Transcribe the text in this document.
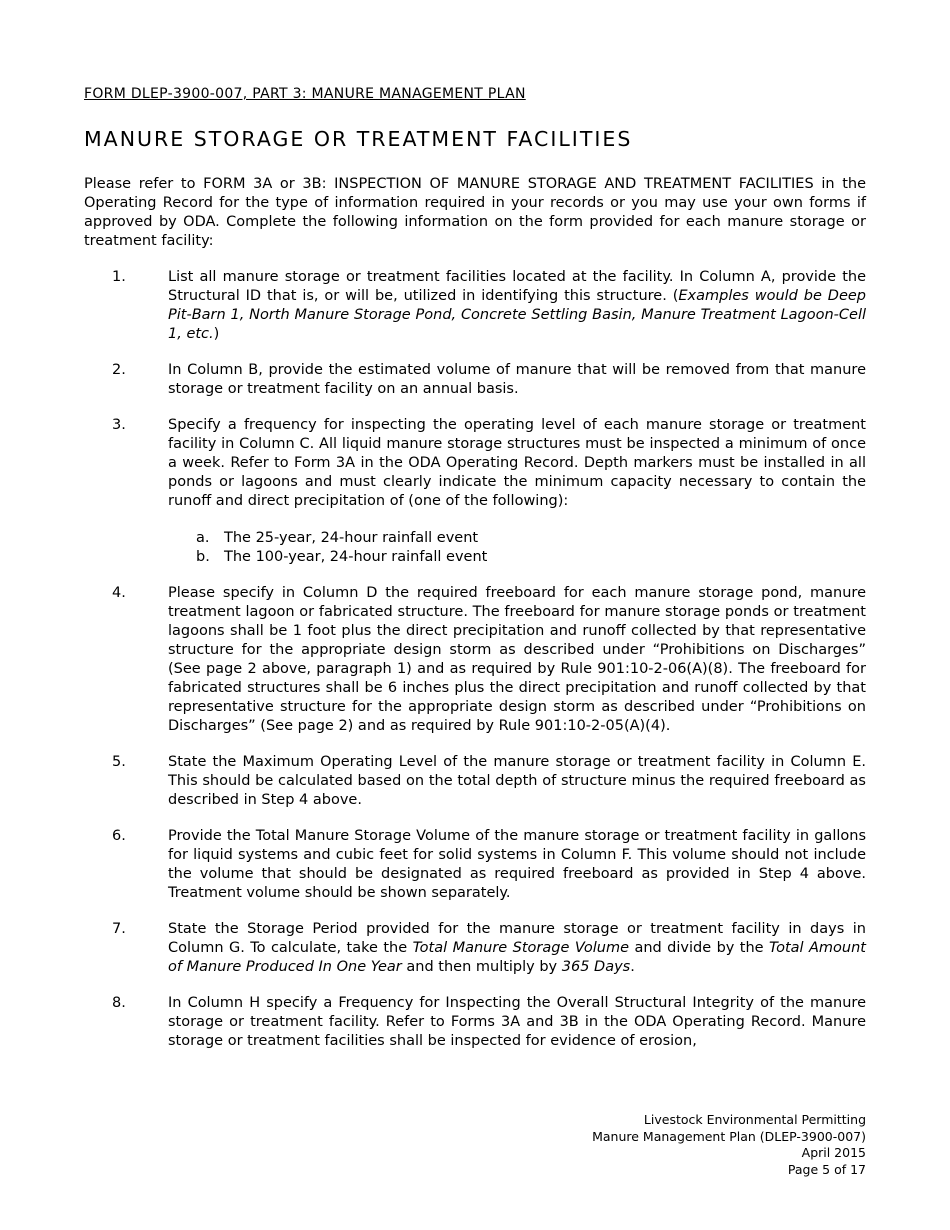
FORM DLEP-3900-007, PART 3: MANURE MANAGEMENT PLAN

MANURE STORAGE OR TREATMENT FACILITIES

Please refer to FORM 3A or 3B: INSPECTION OF MANURE STORAGE AND TREATMENT FACILITIES in the Operating Record for the type of information required in your records or you may use your own forms if approved by ODA. Complete the following information on the form provided for each manure storage or treatment facility:

1.	List all manure storage or treatment facilities located at the facility. In Column A, provide the Structural ID that is, or will be, utilized in identifying this structure. (Examples would be Deep Pit-Barn 1, North Manure Storage Pond, Concrete Settling Basin, Manure Treatment Lagoon-Cell 1, etc.)

2.	In Column B, provide the estimated volume of manure that will be removed from that manure storage or treatment facility on an annual basis.

3.	Specify a frequency for inspecting the operating level of each manure storage or treatment facility in Column C. All liquid manure storage structures must be inspected a minimum of once a week. Refer to Form 3A in the ODA Operating Record. Depth markers must be installed in all ponds or lagoons and must clearly indicate the minimum capacity necessary to contain the runoff and direct precipitation of (one of the following):

a.	The 25-year, 24-hour rainfall event
b. The 100-year, 24-hour rainfall event
4.	Please specify in Column D the required freeboard for each manure storage pond, manure treatment lagoon or fabricated structure. The freeboard for manure storage ponds or treatment lagoons shall be 1 foot plus the direct precipitation and runoff collected by that representative structure for the appropriate design storm as described under “Prohibitions on Discharges” (See page 2 above, paragraph 1) and as required by Rule 901:10-2-06(A)(8). The freeboard for fabricated structures shall be 6 inches plus the direct precipitation and runoff collected by that representative structure for the appropriate design storm as described under “Prohibitions on Discharges” (See page 2) and as required by Rule 901:10-2-05(A)(4).

5.	State the Maximum Operating Level of the manure storage or treatment facility in Column E. This should be calculated based on the total depth of structure minus the required freeboard as described in Step 4 above.

6.	Provide the Total Manure Storage Volume of the manure storage or treatment facility in gallons for liquid systems and cubic feet for solid systems in Column F. This volume should not include the volume that should be designated as required freeboard as provided in Step 4 above. Treatment volume should be shown separately.

7.	State the Storage Period provided for the manure storage or treatment facility in days in Column G. To calculate, take the Total Manure Storage Volume and divide by the Total Amount of Manure Produced In One Year and then multiply by 365 Days.

8.	In Column H specify a Frequency for Inspecting the Overall Structural Integrity of the manure storage or treatment facility. Refer to Forms 3A and 3B in the ODA Operating Record. Manure storage or treatment facilities shall be inspected for evidence of erosion,

Livestock Environmental Permitting
Manure Management Plan (DLEP-3900-007)
April 2015
Page 5 of 17
